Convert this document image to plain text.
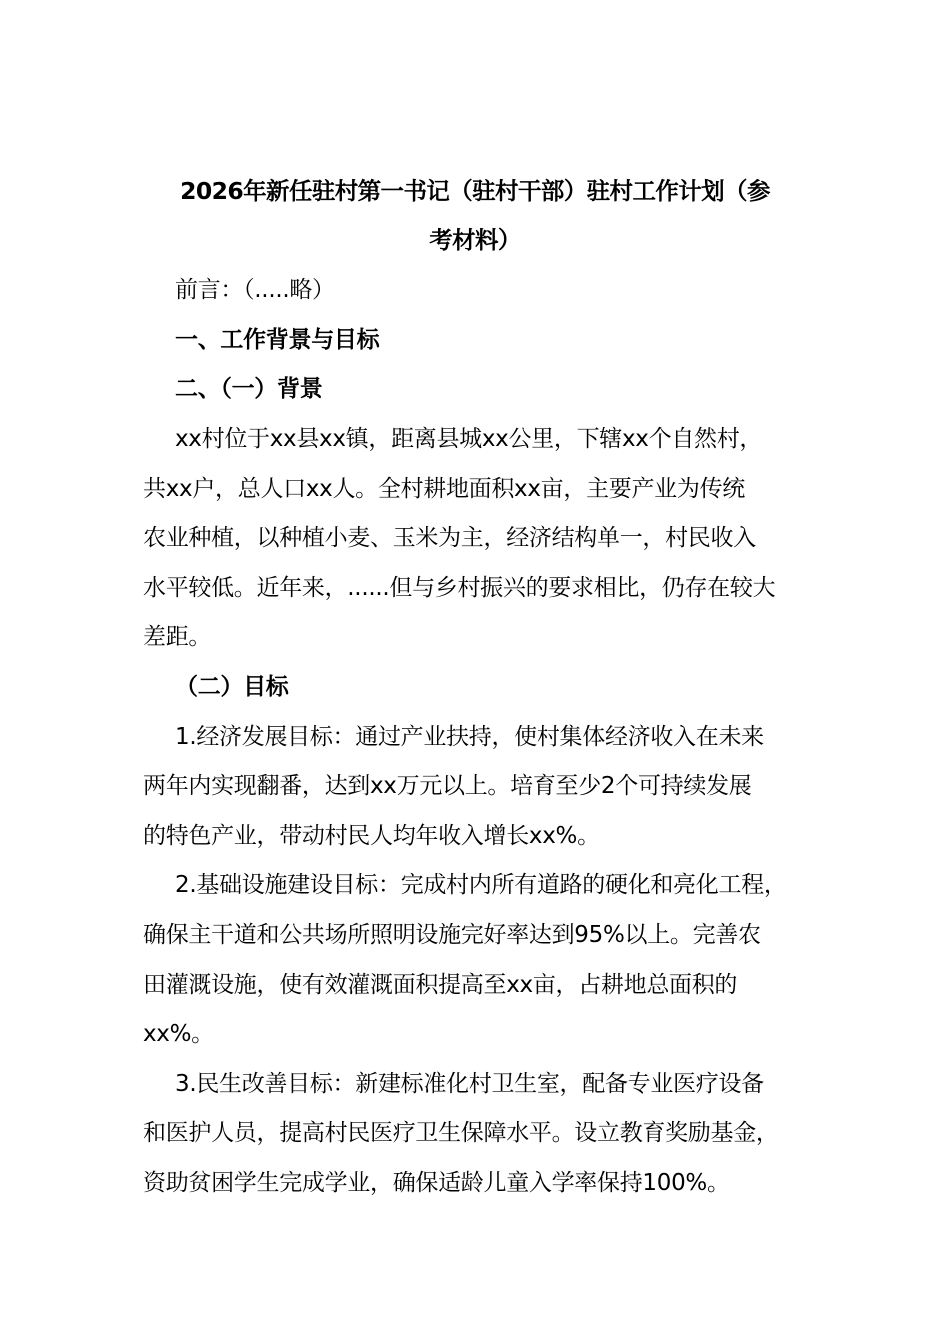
2026年新任驻村第一书记（驻村干部）驻村工作计划（参
考材料）
前言：（.....略）
一、工作背景与目标
二、（一）背景
xx村位于xx县xx镇，距离县城xx公里，下辖xx个自然村，
共xx户，总人口xx人。全村耕地面积xx亩，主要产业为传统
农业种植，以种植小麦、玉米为主，经济结构单一，村民收入
水平较低。近年来，......但与乡村振兴的要求相比，仍存在较大
差距。
（二）目标
1.经济发展目标：通过产业扶持，使村集体经济收入在未来
两年内实现翻番，达到xx万元以上。培育至少2个可持续发展
的特色产业，带动村民人均年收入增长xx%。
2.基础设施建设目标：完成村内所有道路的硬化和亮化工程，
确保主干道和公共场所照明设施完好率达到95%以上。完善农
田灌溉设施，使有效灌溉面积提高至xx亩，占耕地总面积的
xx%。
3.民生改善目标：新建标准化村卫生室，配备专业医疗设备
和医护人员，提高村民医疗卫生保障水平。设立教育奖励基金，
资助贫困学生完成学业，确保适龄儿童入学率保持100%。
